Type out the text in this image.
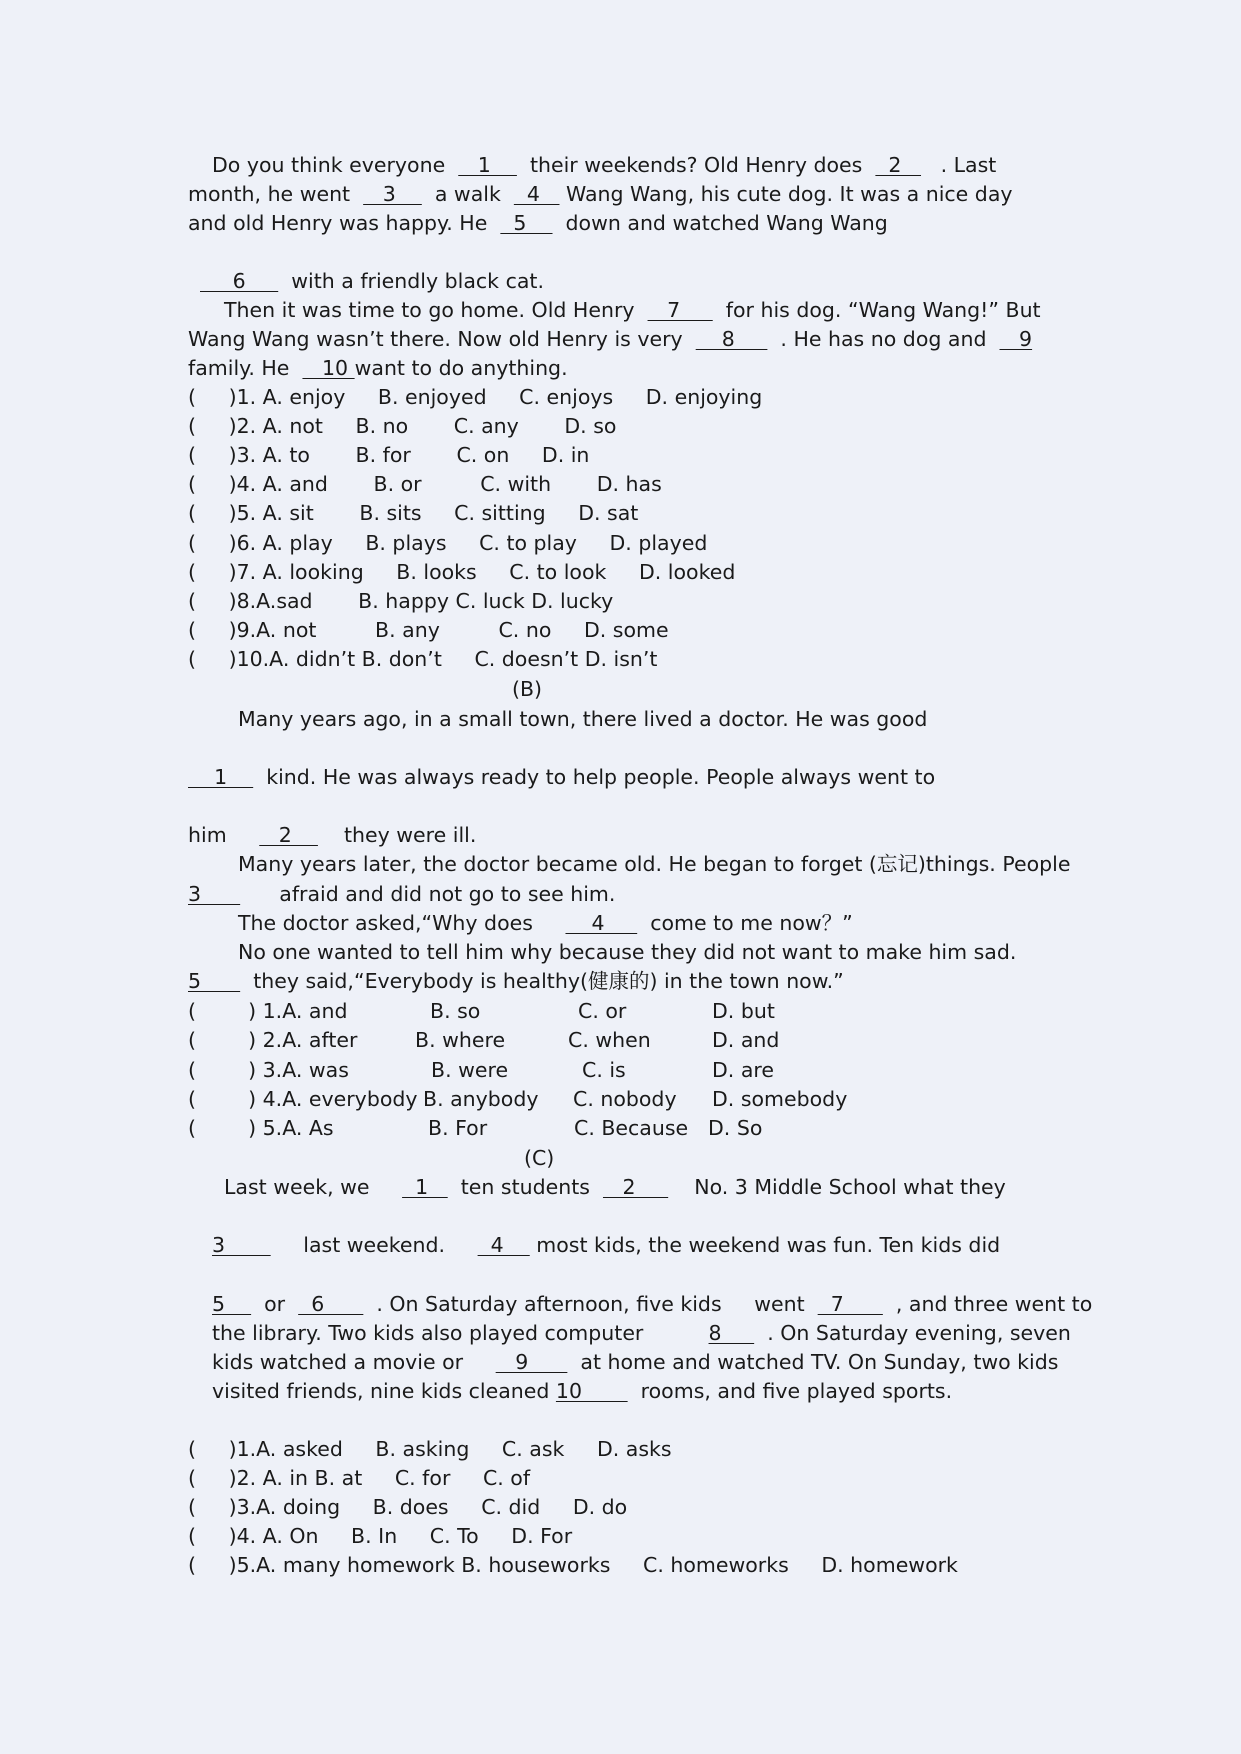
Do you think everyone     1      their weekends? Old Henry does    2      . Last
month, he went     3      a walk    4    Wang Wang, his cute dog. It was a nice day
and old Henry was happy. He    5      down and watched Wang Wang
6       with a friendly black cat.
Then it was time to go home. Old Henry     7       for his dog. “Wang Wang!” But
Wang Wang wasn’t there. Now old Henry is very      8       . He has no dog and     9
family. He     10 want to do anything.
(     )1. A. enjoy     B. enjoyed     C. enjoys     D. enjoying
(     )2. A. not     B. no       C. any       D. so
(     )3. A. to       B. for       C. on     D. in
(     )4. A. and       B. or         C. with       D. has
(     )5. A. sit       B. sits     C. sitting     D. sat
(     )6. A. play     B. plays     C. to play     D. played
(     )7. A. looking     B. looks     C. to look     D. looked
(     )8.A.sad       B. happy C. luck D. lucky
(     )9.A. not         B. any         C. no     D. some
(     )10.A. didn’t B. don’t     C. doesn’t D. isn’t
(B)
Many years ago, in a small town, there lived a doctor. He was good
1      kind. He was always ready to help people. People always went to
him        2        they were ill.
Many years later, the doctor became old. He began to forget (忘记)things. People
3            afraid and did not go to see him.
The doctor asked,“Why does         4       come to me now？”
No one wanted to tell him why because they did not want to make him sad.
5        they said,“Everybody is healthy(健康的) in the town now.”
(        ) 1.A. and	B. so	C. or	D. but
(        ) 2.A. after	B. where	C. when	D. and
(        ) 3.A. was	B. were	C. is	D. are
(        ) 4.A. everybody B. anybody C. nobody D. somebody
(        ) 5.A. As	B. For	C. Because D. So
(C)
Last week, we       1     ten students     2         No. 3 Middle School what they
3            last weekend.       4     most kids, the weekend was fun. Ten kids did
5      or    6        . On Saturday afternoon, five kids     went    7        , and three went to
the library. Two kids also played computer          8       . On Saturday evening, seven
kids watched a movie or        9        at home and watched TV. On Sunday, two kids
visited friends, nine kids cleaned 10         rooms, and five played sports.
(     )1.A. asked     B. asking     C. ask     D. asks
(     )2. A. in B. at     C. for     C. of
(     )3.A. doing     B. does     C. did     D. do
(     )4. A. On     B. In     C. To     D. For
(     )5.A. many homework B. houseworks     C. homeworks     D. homework
